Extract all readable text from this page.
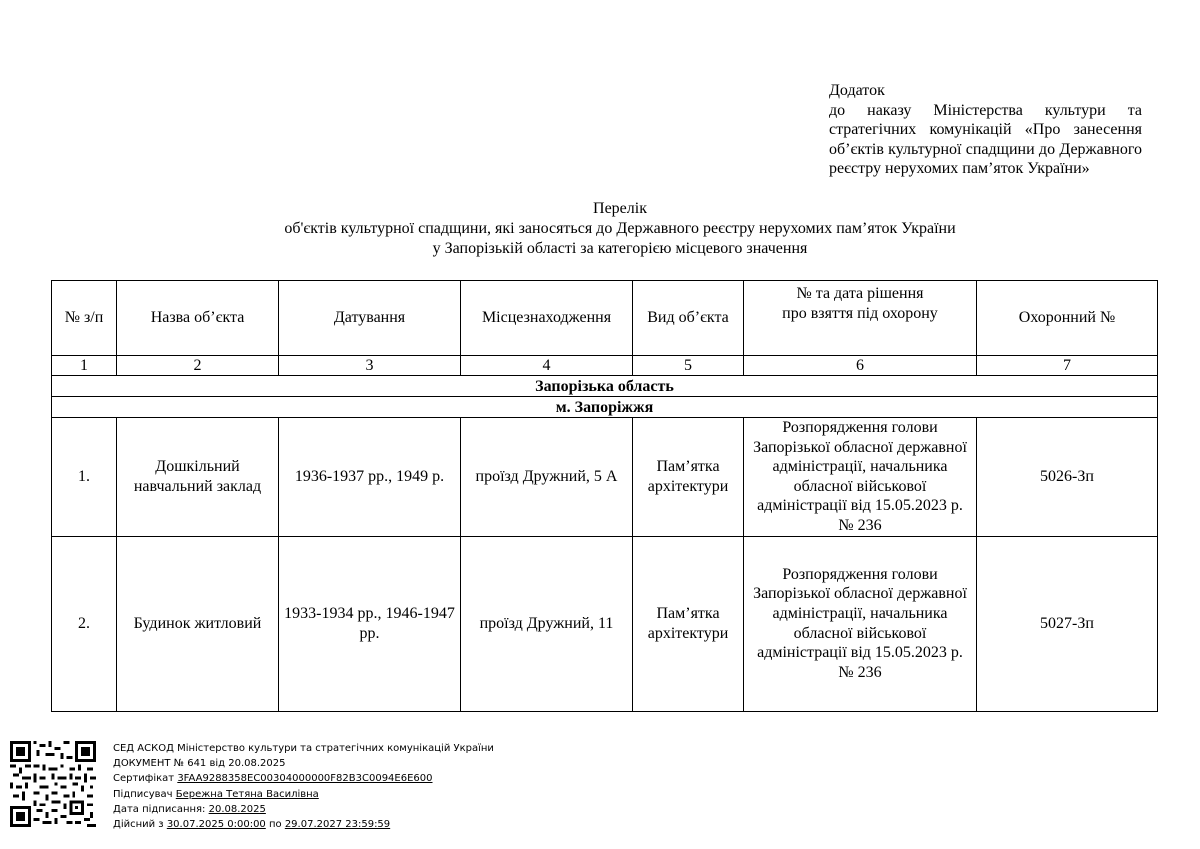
Додаток
до наказу Міністерства культури та стратегічних комунікацій «Про занесення об’єктів культурної спадщини до Державного реєстру нерухомих пам’яток України»
Перелік
об'єктів культурної спадщини, які заносяться до Державного реєстру нерухомих пам’яток України
у Запорізькій області за категорією місцевого значення
№ з/п	Назва об’єкта	Датування	Місцезнаходження	Вид об’єкта	№ та дата рішення
про взяття під охорону	Охоронний №
1	2	3	4	5	6	7
Запорізька область						
м. Запоріжжя						
1.	Дошкільний навчальний заклад	1936-1937 рр., 1949 р.	проїзд Дружний, 5 А	Пам’ятка архітектури	Розпорядження голови Запорізької обласної державної адміністрації, начальника обласної військової адміністрації від 15.05.2023 р. № 236	5026-Зп
2.	Будинок житловий	1933-1934 рр., 1946-1947 рр.	проїзд Дружний, 11	Пам’ятка архітектури	Розпорядження голови Запорізької обласної державної адміністрації, начальника обласної військової адміністрації від 15.05.2023 р. № 236	5027-Зп
СЕД АСКОД Міністерство культури та стратегічних комунікацій України
ДОКУМЕНТ № 641 від 20.08.2025
Сертифікат 3FAA9288358EC00304000000F82B3C0094E6E600
Підписувач Бережна Тетяна Василівна
Дата підписання: 20.08.2025
Дійсний з 30.07.2025 0:00:00 по 29.07.2027 23:59:59
